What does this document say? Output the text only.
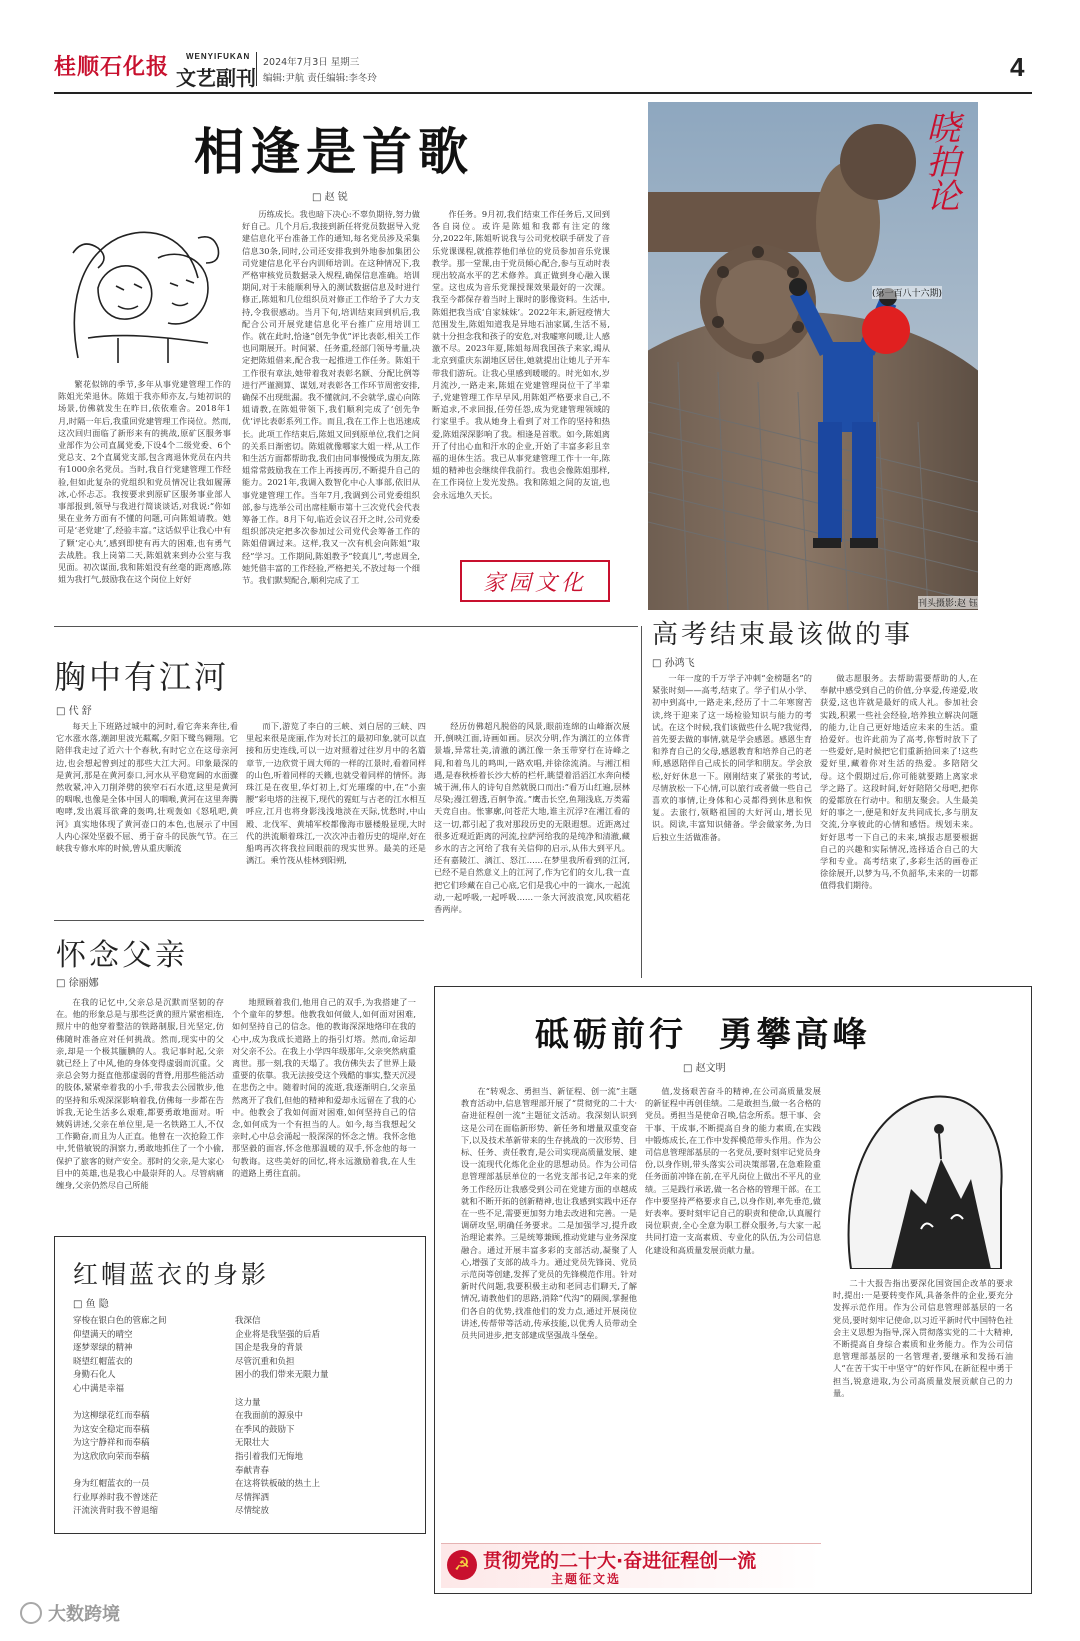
桂顺石化报 WENYIFUKAN
文艺副刊
2024年7月3日 星期三
编辑:尹航 责任编辑:李冬玲	4
相逢是首歌
□ 赵 锐

繁花似锦的季节,多年从事党建管理工作的陈姐光荣退休。陈姐于我亦师亦友,与她初识的场景,仿佛就发生在昨日,依依难舍。2018年1月,时隔一年后,我重回党建管理工作岗位。然而,这次回归面临了新形来有的挑战,原矿区服务事业部作为公司直属党委,下设4个二级党委、6个党总支、2个直属党支部,包含离退休党员在内共有1000余名党员。当时,我自行党建管理工作经验,但如此复杂的党组织和党员情况让我如履薄冰,心怀忐忑。我按要求到原矿区服务事业部人事部报到,领导与我进行简谈谈话,对我说:“你如果在业务方面有不懂的问题,可向陈姐请教。她可是‘老党建’了,经验丰富。”这话似乎让我心中有了颗‘定心丸’,感到即使有再大的困难,也有勇气去战胜。我上岗第二天,陈姐就来到办公室与我见面。初次谋面,我和陈姐没有丝毫的距离感,陈姐为我打气,鼓励我在这个岗位上好好

历练成长。我也暗下决心:不辜负期待,努力做好自己。几个月后,我接到新任将党员数据导入党建信息化平台准备工作的通知,每名党员涉及采集信息30条,同时,公司还安排我到外地参加集团公司党建信息化平台内训师培训。在这种情况下,我严格审核党员数据录入规程,确保信息准确。培训期间,对于未能顺利导入的测试数据信息及时进行修正,陈姐和几位组织员对修正工作给予了大力支持,令我很感动。当月下旬,培训结束回到机后,我配合公司开展党建信息化平台推广应用培训工作。就在此时,恰逢“创先争优”评比表彰,相关工作也同期展开。时间紧、任务重,经部门领导考量,决定把陈姐借来,配合我一起推进工作任务。陈姐干工作很有章法,她带着我对表彰名额、分配比例等进行严谨测算、谋划,对表彰各工作环节周密安排,确保不出现纰漏。我不懂就问,不会就学,虚心向陈姐请教,在陈姐带领下,我们顺利完成了‘创先争优’评比表彰系列工作。而且,我在工作上也迅速成长。此项工作结束后,陈姐又回到原单位,我们之间的关系日渐密切。陈姐就像哪家大姐一样,从工作和生活方面都帮助我,我们由同事慢慢成为朋友,陈姐常常鼓励我在工作上再接再厉,不断提升自己的能力。2021年,我调入数智化中心人事部,依旧从事党建管理工作。当年7月,我调到公司党委组织部,参与选举公司出席桂顺市第十三次党代会代表筹备工作。8月下旬,临近会议召开之时,公司党委组织部决定把多次参加过公司党代会筹备工作的陈姐借调过来。这样,我又一次有机会向陈姐“取经”学习。工作期间,陈姐教予“较真儿”,考虑周全,她凭借丰富的工作经验,严格把关,不放过每一个细节。我们默契配合,顺利完成了工

作任务。9月初,我们结束工作任务后,又回到各自岗位。或许是陈姐和我都有注定的缘分,2022年,陈姐听说我与公司党校联手研发了音乐党课课程,就推荐他们单位的党员参加音乐党课教学。那一堂课,由于党员倾心配合,参与互动时表现出较高水平的艺术修养。真正做到身心融入课堂。这也成为音乐党课授课效果最好的一次课。我至今都保存着当时上课时的影像资料。生活中,陈姐把我当成‘自家妹妹’。2022年末,新冠疫情大范围发生,陈姐知道我是异地石油家属,生活不易,就十分担念我和孩子的安危,对我嘘寒问暖,让人感激不尽。2023年夏,陈姐每周我国孩子来家,竭从北京到重庆东湖地区居住,她就提出让她儿子开车带我们游玩。让我心里感到暖暖的。时光如水,岁月流沙,一路走来,陈姐在党建管理岗位干了半辈子,党建管理工作早早风,用陈姐严格要求自己,不断追求,不求回报,任劳任怨,成为党建管理领域的行家里手。我从她身上看到了对工作的坚持和热爱,陈姐深深影响了我。相逢是首歌。如今,陈姐离开了付出心血和汗水的企业,开始了丰富多彩且幸福的退休生活。我已从事党建管理工作十一年,陈姐的精神也会继续伴我前行。我也会像陈姐那样,在工作岗位上发光发热。我和陈姐之间的友谊,也会永远地久天长。

家园文化
晓拍论
(第一百八十六期)
刊头摄影:赵 钰
高考结束最该做的事
□ 孙鸿飞

一年一度的千万学子冲刺“金榜题名”的紧张时刻——高考,结束了。学子们从小学、初中到高中,一路走来,经历了十二年寒窗苦读,终于迎来了这一场检验知识与能力的考试。在这个时候,我们该做些什么呢?我觉得,首先要去做的事情,就是学会感恩。感恩生育和养育自己的父母,感恩教育和培养自己的老师,感恩陪伴自己成长的同学和朋友。学会放松,好好休息一下。刚刚结束了紧张的考试,尽情放松一下心情,可以旅行或者做一些自己喜欢的事情,让身体和心灵都得到休息和恢复。去旅行,领略祖国的大好河山,增长见识。阅读,丰富知识储备。学会做家务,为日后独立生活做准备。

做志愿服务。去帮助需要帮助的人,在奉献中感受到自己的价值,分享爱,传递爱,收获爱,这也许就是最好的成人礼。参加社会实践,积累一些社会经验,培养独立解决问题的能力,让自己更好地适应未来的生活。重拾爱好。也许此前为了高考,你暂时放下了一些爱好,是时候把它们重新拾回来了!这些爱好里,藏着你对生活的热爱。多陪陪父母。这个假期过后,你可能就要踏上离家求学之路了。这段时间,好好陪陪父母吧,把你的爱都放在行动中。和朋友聚会。人生最美好的事之一,便是和好友共同成长,多与朋友交流,分享彼此的心情和感悟。规划未来。好好思考一下自己的未来,填报志愿要根据自己的兴趣和实际情况,选择适合自己的大学和专业。高考结束了,多彩生活的画卷正徐徐展开,以梦为马,不负韶华,未来的一切都值得我们期待。

胸中有江河
□ 代 舒

每天上下班路过城中的河时,看它奔来奔往,看它水涨水落,潮卸里波光粼粼,夕阳下鹭鸟翱翔。它陪伴我走过了近六十个春秋,有时它立在这母亲河边,也会想起曾到过的那些大江大河。印象最深的是黄河,那是在黄河泰口,河水从平稳宽阔的水面骤然收紧,冲入刀削斧劈的狭窄石石水道,这里是黄河的咽喉,也像是全体中国人的咽喉,黄河在这里奔腾咆哮,发出震耳欲聋的轰鸣,壮观轰如《怒吼吧,黄河》真实地体现了黄河壶口的本色,也展示了中国人内心深处坚毅不屈、勇于奋斗的民族气节。在三峡我专修水库的时候,曾从重庆顺流

而下,游览了李白的三峡、刘白居的三峡、四里起来很是庞丽,作为对长江的最初印象,就可以直接和历史连线,可以一边对照着过往岁月中的名篇章节,一边欣赏于周大师的一样的江景时,看着同样的山色,听着同样的天籁,也就受着同样的情怀。海珠江是在夜里,华灯初上,灯光璀璨的中,在“小蛮腰”彩电塔的注视下,现代的霓虹与古老的江水相互呼应,江月也将身影浅浅地淡在天际,忧愁时,中山殿、北伐军、黄埔军校都像海市蜃楼般显现,大时代的洪流顺着珠江,一次次冲击着历史的堤岸,好在船鸣再次将我拉回眼前的现实世界。最美的还是漓江。乘竹筏从桂林到阳朔,

经历仿佛超凡脱俗的风景,眼前连绵的山峰渐次展开,倒映江面,诗画如画。层次分明,作为漓江的立体背景墙,异常壮美,清澈的漓江像一条玉带穿行在诗峰之间,和着鸟儿的鸣叫,一路欢唱,并徐徐流淌。与湘江相遇,是春秋桥着长沙大桥的栏杆,眺望着滔滔江水奔向楼城于洲,伟人的诗句自然就脱口而出:“看万山红遍,层林尽染;漫江碧透,百舸争流。”鹰击长空,鱼翔浅底,万类霜天竞自由。怅寥廓,问苍茫大地,谁主沉浮?在湘江看的这一切,都引起了我对那段历史的无限遐想。近距离过很多近观近距离的河流,拉萨河给我的是纯净和清澈,藏乡水的吉之河给了我有关信仰的启示,从伟大到平凡。还有嘉陵江、漓江、怒江……在梦里我所看到的江河,已经不是自然意义上的江河了,作为它们的女儿,我一直把它们珍藏在自己心底,它们是我心中的一滴水,一起流动,一起呼吸,一起呼吸……一条大河波浪宽,风吹稻花香两岸。

怀念父亲
□ 徐丽娜

在我的记忆中,父亲总是沉默而坚韧的存在。他的形象总是与那些泛黄的照片紧密相连,照片中的他穿着整洁的铁路制服,目光坚定,仿佛随时准备应对任何挑战。然而,现实中的父亲,却是一个极其腼腆的人。我记事时起,父亲就已经上了中风,他的身体变得虚弱而沉重。父亲总会努力挺直他那虚弱的背脊,用那些能活动的肢体,紧紧牵着我的小手,带我去公园散步,他的坚持和乐观深深影响着我,仿佛每一步都在告诉我,无论生活多么艰难,都要勇敢地面对。听姨妈讲述,父亲在单位里,是一名铁路工人,不仅工作勤奋,而且为人正直。他曾在一次抢险工作中,凭借敏锐的洞察力,勇敢地抓住了一个小偷,保护了旅客的财产安全。那时的父亲,是大家心目中的英雄,也是我心中最崇拜的人。尽管病痛缠身,父亲仍然尽自己所能

地照顾着我们,他用自己的双手,为我搭建了一个个童年的梦想。他教我如何做人,如何面对困难,如何坚持自己的信念。他的教诲深深地烙印在我的心中,成为我成长道路上的指引灯塔。然而,命运却对父亲不公。在我上小学四年级那年,父亲突然病重离世。那一刻,我的天塌了。我仿佛失去了世界上最重要的依靠。我无法接受这个残酷的事实,整天沉浸在悲伤之中。随着时间的流逝,我逐渐明白,父亲虽然离开了我们,但他的精神和爱却永远留在了我的心中。他教会了我如何面对困难,如何坚持自己的信念,如何成为一个有担当的人。如今,每当我想起父亲时,心中总会涌起一股深深的怀念之情。我怀念他那坚毅的面容,怀念他那温暖的双手,怀念他的每一句教诲。这些美好的回忆,将永远激励着我,在人生的道路上勇往直前。

红帽蓝衣的身影
□ 鱼 隐
穿梭在银白色的管廊之间
仰望满天的晴空
逐梦翠绿的精神
晓望红帽蓝衣的
身勤石化人
心中满是幸福

为这柳绿花红而奉稿
为这安全稳定而奉稿
为这宁静祥和而奉稿
为这欣欣向荣而奉稿

身为红帽蓝衣的一员
行业厚养时我不曾迷茫
汗流浃背时我不曾退缩
我深信
企业将是我坚强的后盾
国企是我身的背景
尽管沉重和负担
困小的我们带来无限力量

这力量
在我面前的源泉中
在季风的鼓励下
无限壮大
指引着我们无悔地
奉献青春
在这将铁板破的热土上
尽情挥洒
尽情绽放
砥砺前行  勇攀高峰
□ 赵文明

在“转观念、勇担当、新征程、创一流”主题教育活动中,信息管理部开展了“贯彻党的二十大·奋进征程创一流”主题征文活动。我深刻认识到这是公司在面临新形势、新任务和增量双重变奋下,以及技术革新带来的生存挑战的一次形势、目标、任务、责任教育,是公司实现高质量发展、建设一流现代化炼化企业的思想动员。作为公司信息管理部基层单位的一名党支部书记,2年来的党务工作经历让我感受到公司在党建方面的卓越成就和不断开拓的创新精神,也让我感到实践中还存在一些不足,需要更加努力地去改进和完善。一是调研攻坚,明确任务要求。二是加强学习,提升政治理论素养。三是统筹兼顾,推动党建与业务深度融合。通过开展丰富多彩的支部活动,凝聚了人心,增强了支部的战斗力。通过党员先锋岗、党员示范岗等创建,发挥了党员的先锋模范作用。针对新时代问题,我要积极主动和老同志们聊天,了解情况,请教他们的思路,消除“代沟”的隔阂,掌握他们各自的优势,找准他们的发力点,通过开展岗位讲述,传帮带等活动,传承技能,以优秀人员带动全员共同进步,把支部建成坚强战斗堡垒。

值,发扬艰苦奋斗的精神,在公司高质量发展的新征程中再创佳绩。二是敢担当,做一名合格的党员。勇担当是使命召唤,信念所系。想干事、会干事、干成事,不断提高自身的能力素质,在实践中锻炼成长,在工作中发挥模范带头作用。作为公司信息管理部基层的一名党员,要时刻牢记党员身份,以身作则,带头落实公司决策部署,在急难险重任务面前冲锋在前,在平凡岗位上做出不平凡的业绩。三是践行承诺,做一名合格的管理干部。在工作中要坚持严格要求自己,以身作则,率先垂范,做好表率。要时刻牢记自己的职责和使命,认真履行岗位职责,全心全意为职工群众服务,与大家一起共同打造一支高素质、专业化的队伍,为公司信息化建设和高质量发展贡献力量。

二十大报告指出要深化国资国企改革的要求时,提出:一是要转变作风,具备条件的企业,要充分发挥示范作用。作为公司信息管理部基层的一名党员,要时刻牢记使命,以习近平新时代中国特色社会主义思想为指导,深入贯彻落实党的二十大精神,不断提高自身综合素质和业务能力。作为公司信息管理部基层的一名管理者,要继承和发扬石油人“在苦干实干中坚守”的好作风,在新征程中勇于担当,锐意进取,为公司高质量发展贡献自己的力量。

☭ 贯彻党的二十大·奋进征程创一流
主题征文选
大数跨境
